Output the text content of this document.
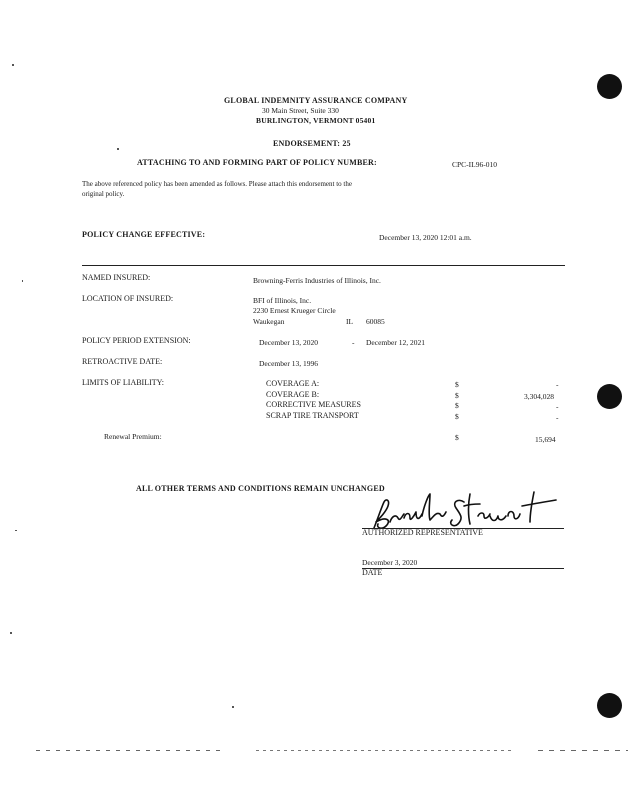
GLOBAL INDEMNITY ASSURANCE COMPANY
30 Main Street, Suite 330
BURLINGTON, VERMONT 05401
ENDORSEMENT: 25
ATTACHING TO AND FORMING PART OF POLICY NUMBER:	CPC-IL96-010
The above referenced policy has been amended as follows. Please attach this endorsement to the
original policy.
POLICY CHANGE EFFECTIVE:	December 13, 2020 12:01 a.m.
NAMED INSURED:	Browning-Ferris Industries of Illinois, Inc.
LOCATION OF INSURED:	BFI of Illinois, Inc.
2230 Ernest Krueger Circle
Waukegan	IL 60085
POLICY PERIOD EXTENSION:	December 13, 2020	- December 12, 2021
RETROACTIVE DATE:	December 13, 1996
LIMITS OF LIABILITY:	COVERAGE A:	$	-
COVERAGE B:	$	3,304,028
CORRECTIVE MEASURES	$	-
SCRAP TIRE TRANSPORT	$	-
Renewal Premium:	$	15,694
ALL OTHER TERMS AND CONDITIONS REMAIN UNCHANGED
Brenda Stuart
AUTHORIZED REPRESENTATIVE
December 3, 2020
DATE
